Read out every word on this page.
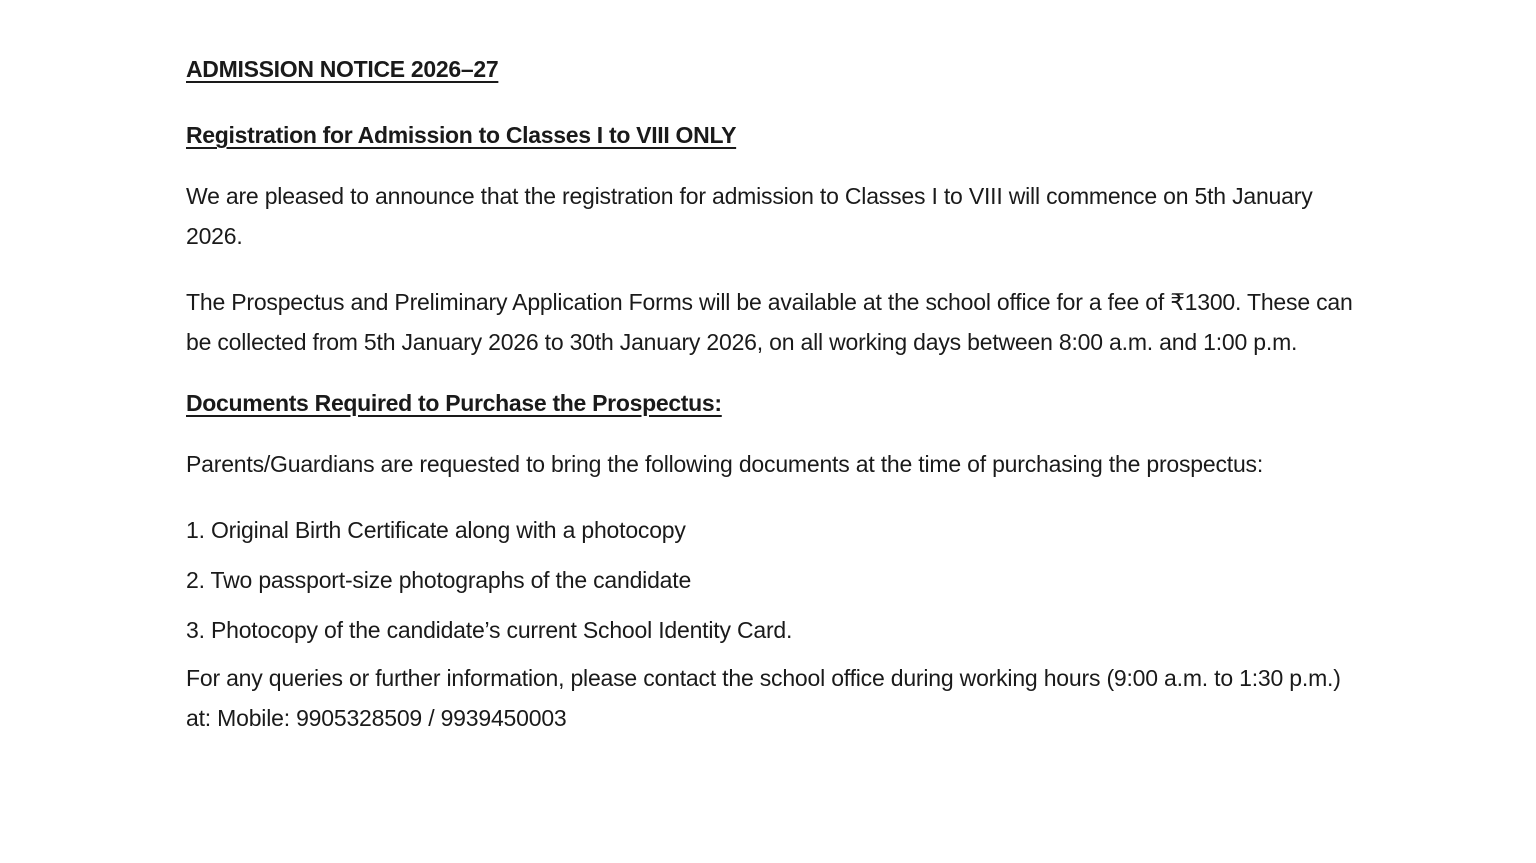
ADMISSION NOTICE 2026–27

Registration for Admission to Classes I to VIII ONLY

We are pleased to announce that the registration for admission to Classes I to VIII will commence on 5th January 2026.

The Prospectus and Preliminary Application Forms will be available at the school office for a fee of ₹1300. These can be collected from 5th January 2026 to 30th January 2026, on all working days between 8:00 a.m. and 1:00 p.m.

Documents Required to Purchase the Prospectus:

Parents/Guardians are requested to bring the following documents at the time of purchasing the prospectus:

1. Original Birth Certificate along with a photocopy
2. Two passport-size photographs of the candidate
3. Photocopy of the candidate’s current School Identity Card.

For any queries or further information, please contact the school office during working hours (9:00 a.m. to 1:30 p.m.) at: Mobile: 9905328509 / 9939450003
